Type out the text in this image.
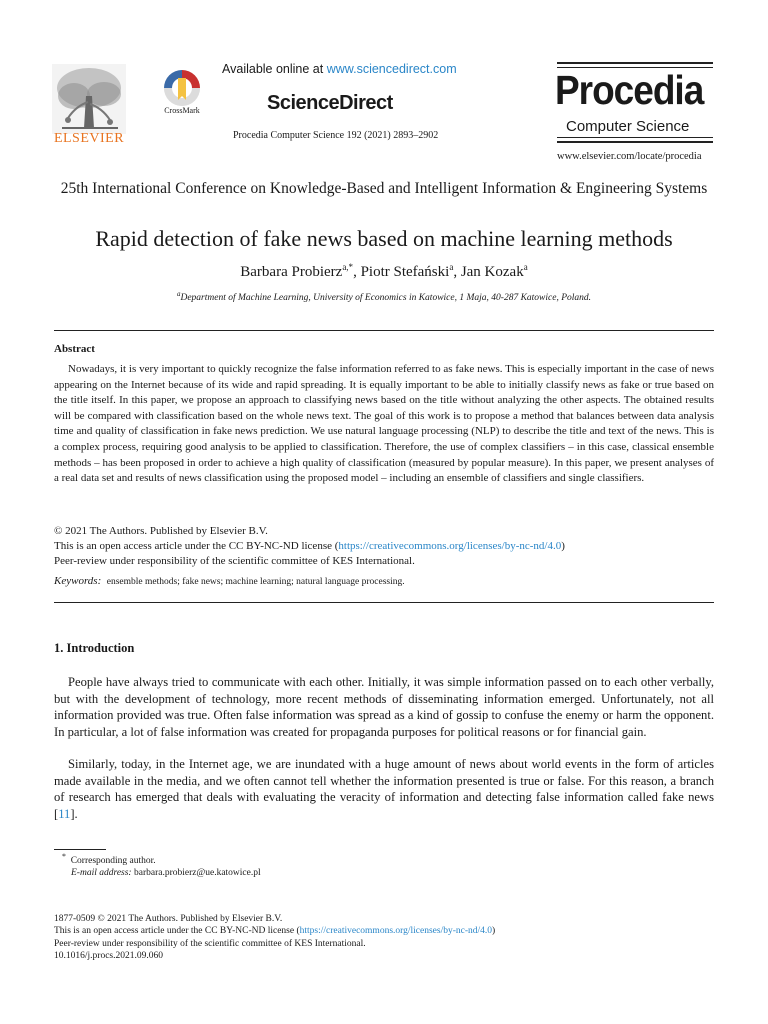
ELSEVIER
CrossMark
Available online at www.sciencedirect.com
ScienceDirect
Procedia Computer Science 192 (2021) 2893–2902
Procedia
Computer Science
www.elsevier.com/locate/procedia
25th International Conference on Knowledge-Based and Intelligent Information & Engineering Systems
Rapid detection of fake news based on machine learning methods
Barbara Probierz$^{a,*}$, Piotr Stefański$^a$, Jan Kozak$^a$
$^a$Department of Machine Learning, University of Economics in Katowice, 1 Maja, 40-287 Katowice, Poland.
Abstract

Nowadays, it is very important to quickly recognize the false information referred to as fake news. This is especially important in the case of news appearing on the Internet because of its wide and rapid spreading. It is equally important to be able to initially classify news as fake or true based on the title itself. In this paper, we propose an approach to classifying news based on the title without analyzing the other aspects. The obtained results will be compared with classification based on the whole news text. The goal of this work is to propose a method that balances between data analysis time and quality of classification in fake news prediction. We use natural language processing (NLP) to describe the title and text of the news. This is a complex process, requiring good analysis to be applied to classification. Therefore, the use of complex classifiers – in this case, classical ensemble methods – has been proposed in order to achieve a high quality of classification (measured by popular measure). In this paper, we present analyses of a real data set and results of news classification using the proposed model – including an ensemble of classifiers and single classifiers.

© 2021 The Authors. Published by Elsevier B.V.
This is an open access article under the CC BY-NC-ND license (https://creativecommons.org/licenses/by-nc-nd/4.0)
Peer-review under responsibility of the scientific committee of KES International.
Keywords: ensemble methods; fake news; machine learning; natural language processing.
1. Introduction

People have always tried to communicate with each other. Initially, it was simple information passed on to each other verbally, but with the development of technology, more recent methods of disseminating information emerged. Unfortunately, not all information provided was true. Often false information was spread as a kind of gossip to confuse the enemy or harm the opponent. In particular, a lot of false information was created for propaganda purposes for political reasons or for financial gain.

Similarly, today, in the Internet age, we are inundated with a huge amount of news about world events in the form of articles made available in the media, and we often cannot tell whether the information presented is true or false. For this reason, a branch of research has emerged that deals with evaluating the veracity of information and detecting false information called fake news [11].

* Corresponding author.
E-mail address: barbara.probierz@ue.katowice.pl
1877-0509 © 2021 The Authors. Published by Elsevier B.V.
This is an open access article under the CC BY-NC-ND license (https://creativecommons.org/licenses/by-nc-nd/4.0)
Peer-review under responsibility of the scientific committee of KES International.
10.1016/j.procs.2021.09.060
